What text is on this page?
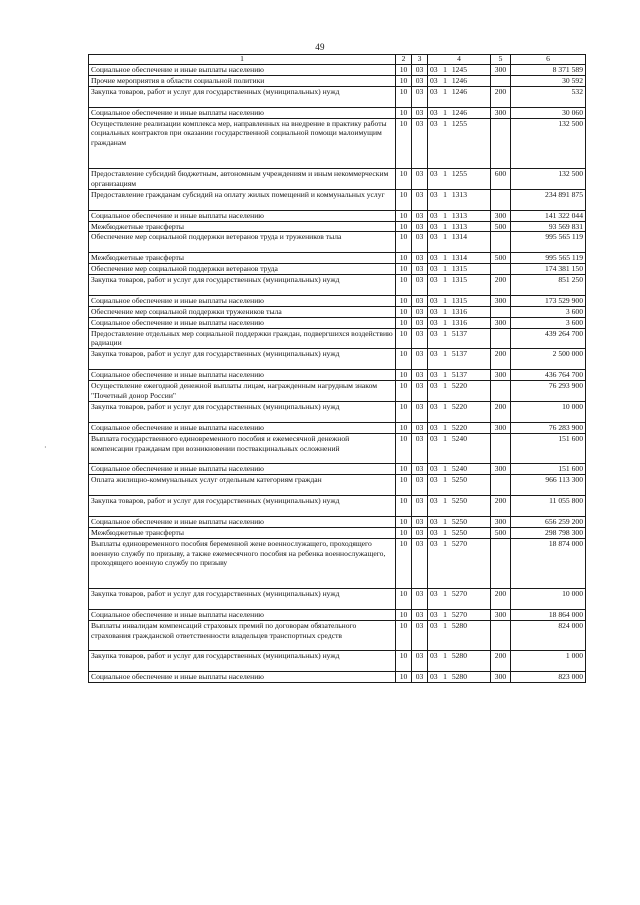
49
1	2	3	4	5	6
Социальное обеспечение и иные выплаты населению	10	03	03 1 1245	300	8 371 589
Прочие мероприятия в области социальной политики	10	03	03 1 1246		30 592
Закупка товаров, работ и услуг для государственных (муниципальных) нужд	10	03	03 1 1246	200	532
Социальное обеспечение и иные выплаты населению	10	03	03 1 1246	300	30 060
Осуществление реализации комплекса мер, направленных на внедрение в практику работы социальных контрактов при оказании государственной социальной помощи малоимущим гражданам	10	03	03 1 1255		132 500
Предоставление субсидий бюджетным, автономным учреждениям и иным некоммерческим организациям	10	03	03 1 1255	600	132 500
Предоставление гражданам субсидий на оплату жилых помещений и коммунальных услуг	10	03	03 1 1313		234 891 875
Социальное обеспечение и иные выплаты населению	10	03	03 1 1313	300	141 322 044
Межбюджетные трансферты	10	03	03 1 1313	500	93 569 831
Обеспечение мер социальной поддержки ветеранов труда и тружеников тыла	10	03	03 1 1314		995 565 119
Межбюджетные трансферты	10	03	03 1 1314	500	995 565 119
Обеспечение мер социальной поддержки ветеранов труда	10	03	03 1 1315		174 381 150
Закупка товаров, работ и услуг для государственных (муниципальных) нужд	10	03	03 1 1315	200	851 250
Социальное обеспечение и иные выплаты населению	10	03	03 1 1315	300	173 529 900
Обеспечение мер социальной поддержки тружеников тыла	10	03	03 1 1316		3 600
Социальное обеспечение и иные выплаты населению	10	03	03 1 1316	300	3 600
Предоставление отдельных мер социальной поддержки граждан, подвергшихся воздействию радиации	10	03	03 1 5137		439 264 700
Закупка товаров, работ и услуг для государственных (муниципальных) нужд	10	03	03 1 5137	200	2 500 000
Социальное обеспечение и иные выплаты населению	10	03	03 1 5137	300	436 764 700
Осуществление ежегодной денежной выплаты лицам, награжденным нагрудным знаком "Почетный донор России"	10	03	03 1 5220		76 293 900
Закупка товаров, работ и услуг для государственных (муниципальных) нужд	10	03	03 1 5220	200	10 000
Социальное обеспечение и иные выплаты населению	10	03	03 1 5220	300	76 283 900
Выплата государственного единовременного пособия и ежемесячной денежной компенсации гражданам при возникновении поствакцинальных осложнений	10	03	03 1 5240		151 600
Социальное обеспечение и иные выплаты населению	10	03	03 1 5240	300	151 600
Оплата жилищно-коммунальных услуг отдельным категориям граждан	10	03	03 1 5250		966 113 300
Закупка товаров, работ и услуг для государственных (муниципальных) нужд	10	03	03 1 5250	200	11 055 800
Социальное обеспечение и иные выплаты населению	10	03	03 1 5250	300	656 259 200
Межбюджетные трансферты	10	03	03 1 5250	500	298 798 300
Выплаты единовременного пособия беременной жене военнослужащего, проходящего военную службу по призыву, а также ежемесячного пособия на ребенка военнослужащего, проходящего военную службу по призыву	10	03	03 1 5270		18 874 000
Закупка товаров, работ и услуг для государственных (муниципальных) нужд	10	03	03 1 5270	200	10 000
Социальное обеспечение и иные выплаты населению	10	03	03 1 5270	300	18 864 000
Выплаты инвалидам компенсаций страховых премий по договорам обязательного страхования гражданской ответственности владельцев транспортных средств	10	03	03 1 5280		824 000
Закупка товаров, работ и услуг для государственных (муниципальных) нужд	10	03	03 1 5280	200	1 000
Социальное обеспечение и иные выплаты населению	10	03	03 1 5280	300	823 000
·
